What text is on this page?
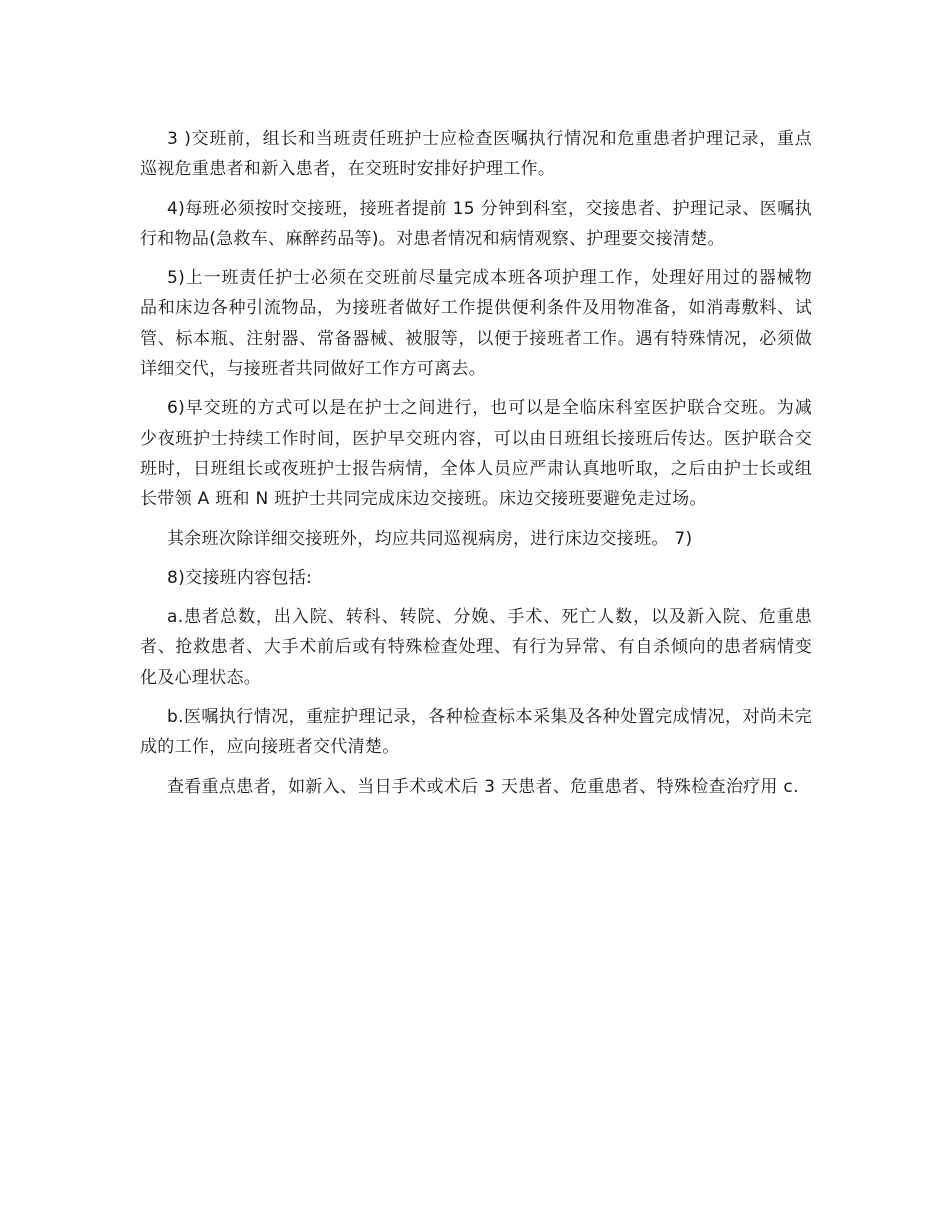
3 )交班前，组长和当班责任班护士应检查医嘱执行情况和危重患者护理记录，重点巡视危重患者和新入患者，在交班时安排好护理工作。

4)每班必须按时交接班，接班者提前 15 分钟到科室，交接患者、护理记录、医嘱执 行和物品(急救车、麻醉药品等)。对患者情况和病情观察、护理要交接清楚。

5)上一班责任护士必须在交班前尽量完成本班各项护理工作，处理好用过的器械物 品和床边各种引流物品，为接班者做好工作提供便利条件及用物准备，如消毒敷料、试 管、标本瓶、注射器、常备器械、被服等，以便于接班者工作。遇有特殊情况，必须做详细交代，与接班者共同做好工作方可离去。

6)早交班的方式可以是在护士之间进行，也可以是全临床科室医护联合交班。为减 少夜班护士持续工作时间，医护早交班内容，可以由日班组长接班后传达。医护联合交班时，日班组长或夜班护士报告病情，全体人员应严肃认真地听取，之后由护士长或组长带领 A 班和 N 班护士共同完成床边交接班。床边交接班要避免走过场。

其余班次除详细交接班外，均应共同巡视病房，进行床边交接班。 7)

8)交接班内容包括:

a.患者总数，出入院、转科、转院、分娩、手术、死亡人数，以及新入院、危重患 者、抢救患者、大手术前后或有特殊检查处理、有行为异常、有自杀倾向的患者病情变化及心理状态。

b.医嘱执行情况，重症护理记录，各种检查标本采集及各种处置完成情况，对尚未完成的工作，应向接班者交代清楚。

查看重点患者，如新入、当日手术或术后 3 天患者、危重患者、特殊检查治疗用 c.
